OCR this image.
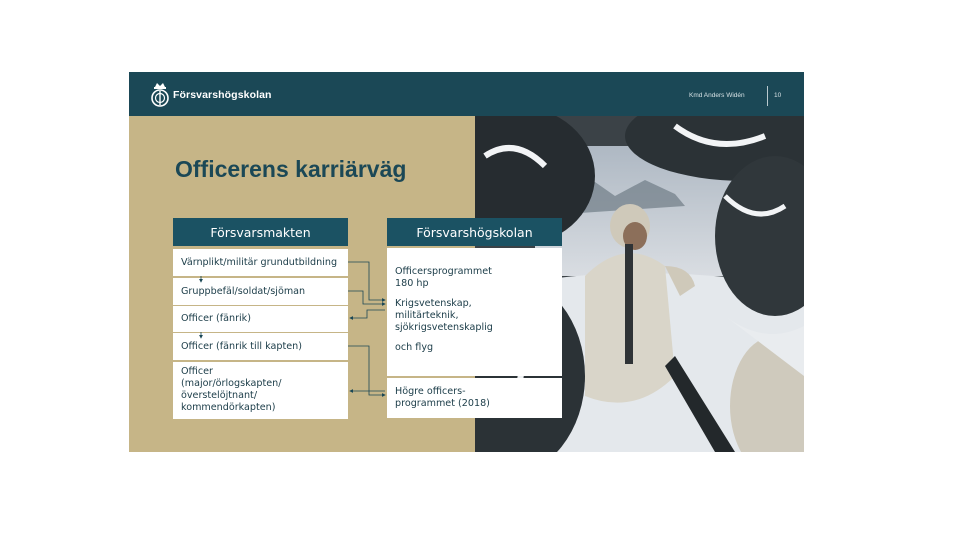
Försvarshögskolan	Kmd Anders Widén	10
Officerens karriärväg
Försvarsmakten	Försvarshögskolan
Värnplikt/militär grundutbildning
Gruppbefäl/soldat/sjöman
Officer (fänrik)
Officer (fänrik till kapten)
Officer
(major/örlogskapten/
överstelöjtnant/
kommendörkapten)

Officersprogrammet

180 hp

Krigsvetenskap,

militärteknik,

sjökrigsvetenskaplig

och flyg

Högre officers-
programmet (2018)
